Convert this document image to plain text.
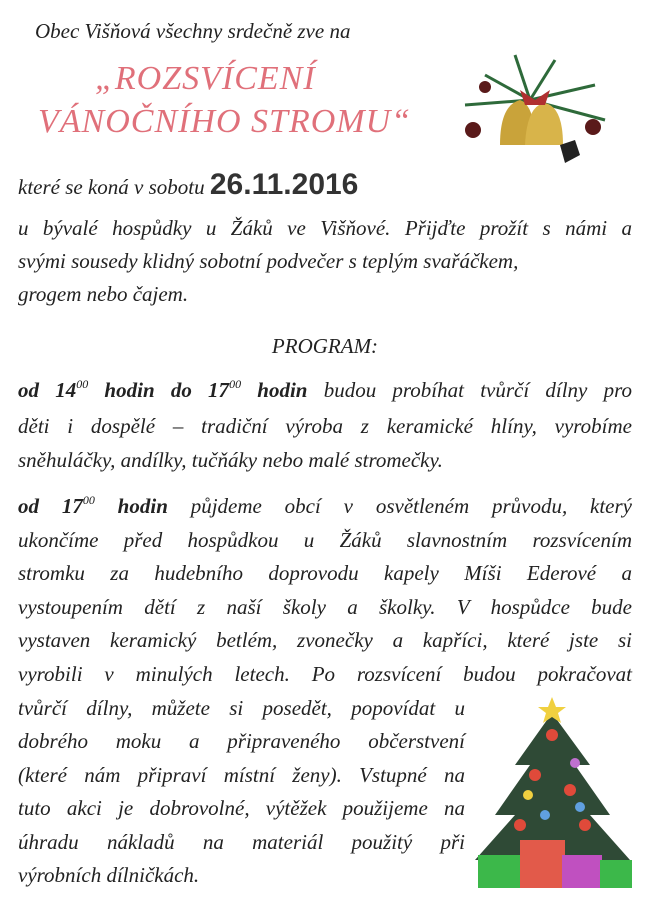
Obec Višňová všechny srdečně zve na
„ROZSVÍCENÍ
VÁNOČNÍHO STROMU“
které se koná v sobotu 26.11.2016
u bývalé hospůdky u Žáků ve Višňové. Přijďte prožít s námi a
svými sousedy klidný sobotní podvečer s teplým svařáčkem,
grogem nebo čajem.
PROGRAM:
od $14^{00}$ hodin do $17^{00}$ hodin budou probíhat tvůrčí dílny pro
děti i dospělé – tradiční výroba z keramické hlíny, vyrobíme
sněhuláčky, andílky, tučňáky nebo malé stromečky.
od $17^{00}$ hodin půjdeme obcí v osvětleném průvodu, který
ukončíme před hospůdkou u Žáků slavnostním rozsvícením
stromku za hudebního doprovodu kapely Míši Ederové a
vystoupením dětí z naší školy a školky. V hospůdce bude
vystaven keramický betlém, zvonečky a kapříci, které jste si
vyrobili v minulých letech. Po rozsvícení budou pokračovat
tvůrčí dílny, můžete si posedět, popovídat u
dobrého moku a připraveného občerstvení
(které nám připraví místní ženy). Vstupné na
tuto akci je dobrovolné, výtěžek použijeme na
úhradu nákladů na materiál použitý při
výrobních dílničkách.
